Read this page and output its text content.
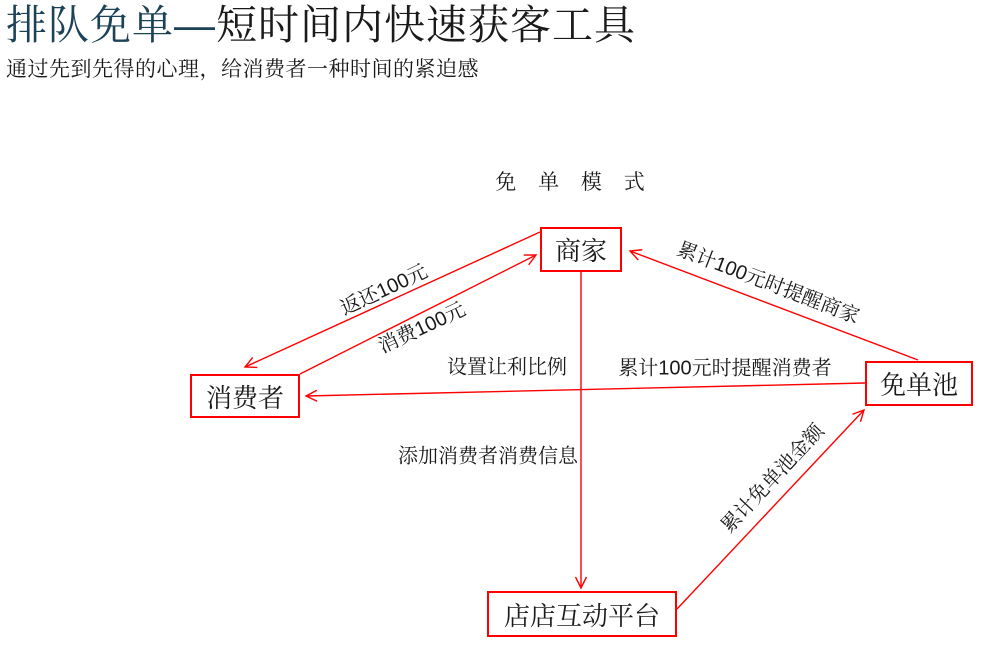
排队免单—短时间内快速获客工具

通过先到先得的心理，给消费者一种时间的紧迫感

免 单 模 式
商家
消费者	免单池
店店互动平台
返还100元
消费100元
设置让利比例	累计100元时提醒消费者
累计100元时提醒商家
添加消费者消费信息	累计免单池金额
